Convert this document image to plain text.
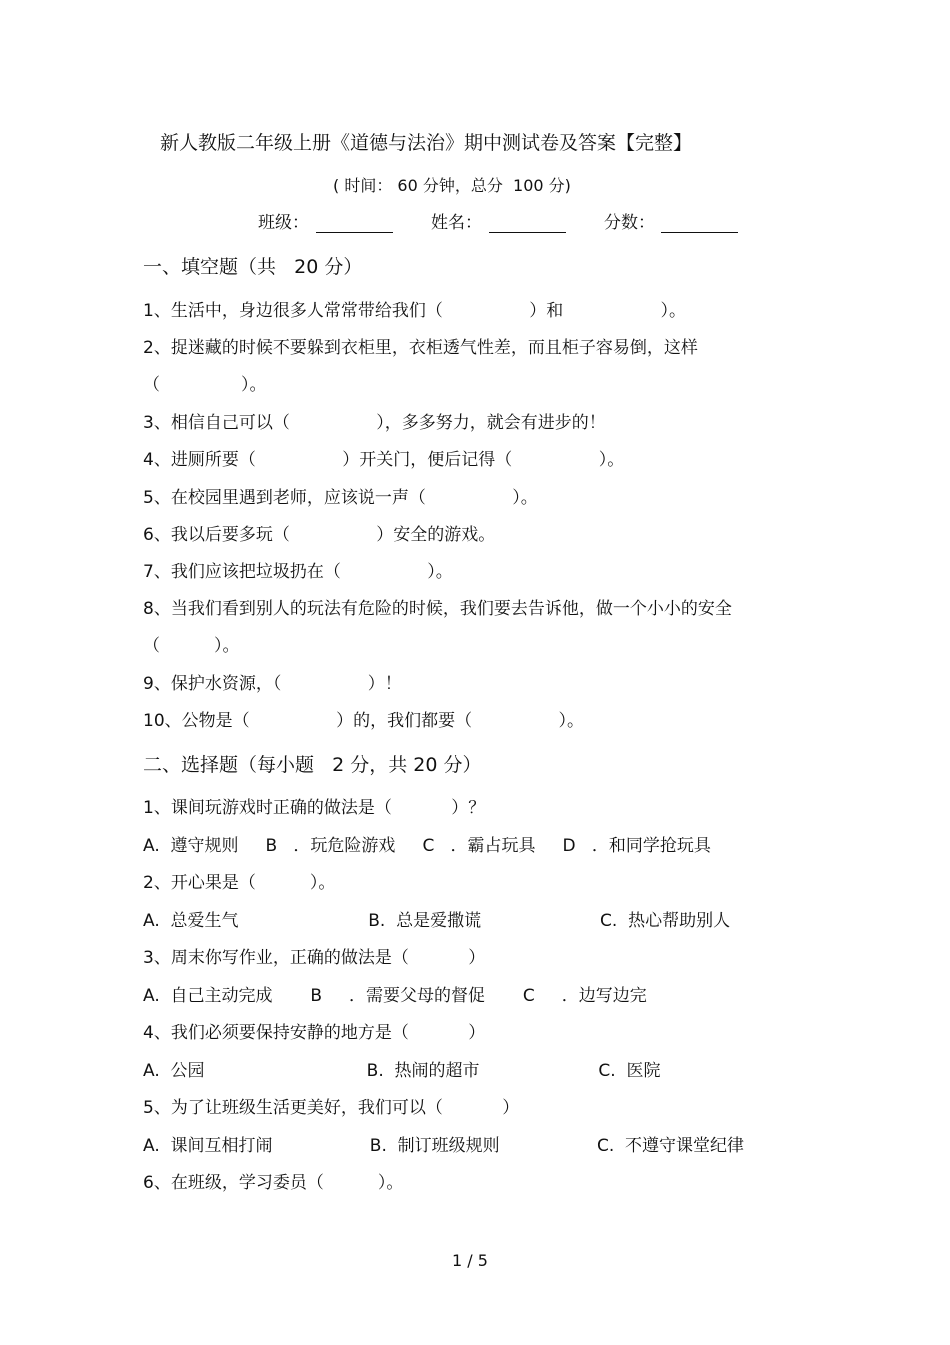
新人教版二年级上册《道德与法治》期中测试卷及答案【完整】
( 时间： 60 分钟，总分  100 分)
班级：	姓名：	分数：
一、填空题（共   20 分）
1、生活中，身边很多人常常带给我们（                ）和                  ）。
2、捉迷藏的时候不要躲到衣柜里，衣柜透气性差，而且柜子容易倒，这样
（               ）。
3、相信自己可以（                ），多多努力，就会有进步的！
4、进厕所要（                ）开关门，便后记得（                ）。
5、在校园里遇到老师，应该说一声（                ）。
6、我以后要多玩（                ）安全的游戏。
7、我们应该把垃圾扔在（                ）。
8、当我们看到别人的玩法有危险的时候，我们要去告诉他，做一个小小的安全
（          ）。
9、保护水资源，（                ）！
10、公物是（                ）的，我们都要（                ）。
二、选择题（每小题   2 分，共 20 分）
1、课间玩游戏时正确的做法是（           ）？
A.  遵守规则     B   ．玩危险游戏     C   ．霸占玩具     D   ．和同学抢玩具
2、开心果是（          ）。
A.  总爱生气                        B.  总是爱撒谎                      C.  热心帮助别人
3、周末你写作业，正确的做法是（           ）
A.  自己主动完成       B     ．需要父母的督促       C     ．边写边完
4、我们必须要保持安静的地方是（           ）
A.  公园                              B.  热闹的超市                      C.  医院
5、为了让班级生活更美好，我们可以（           ）
A.  课间互相打闹                  B.  制订班级规则                  C.  不遵守课堂纪律
6、在班级，学习委员（          ）。
1 / 5
